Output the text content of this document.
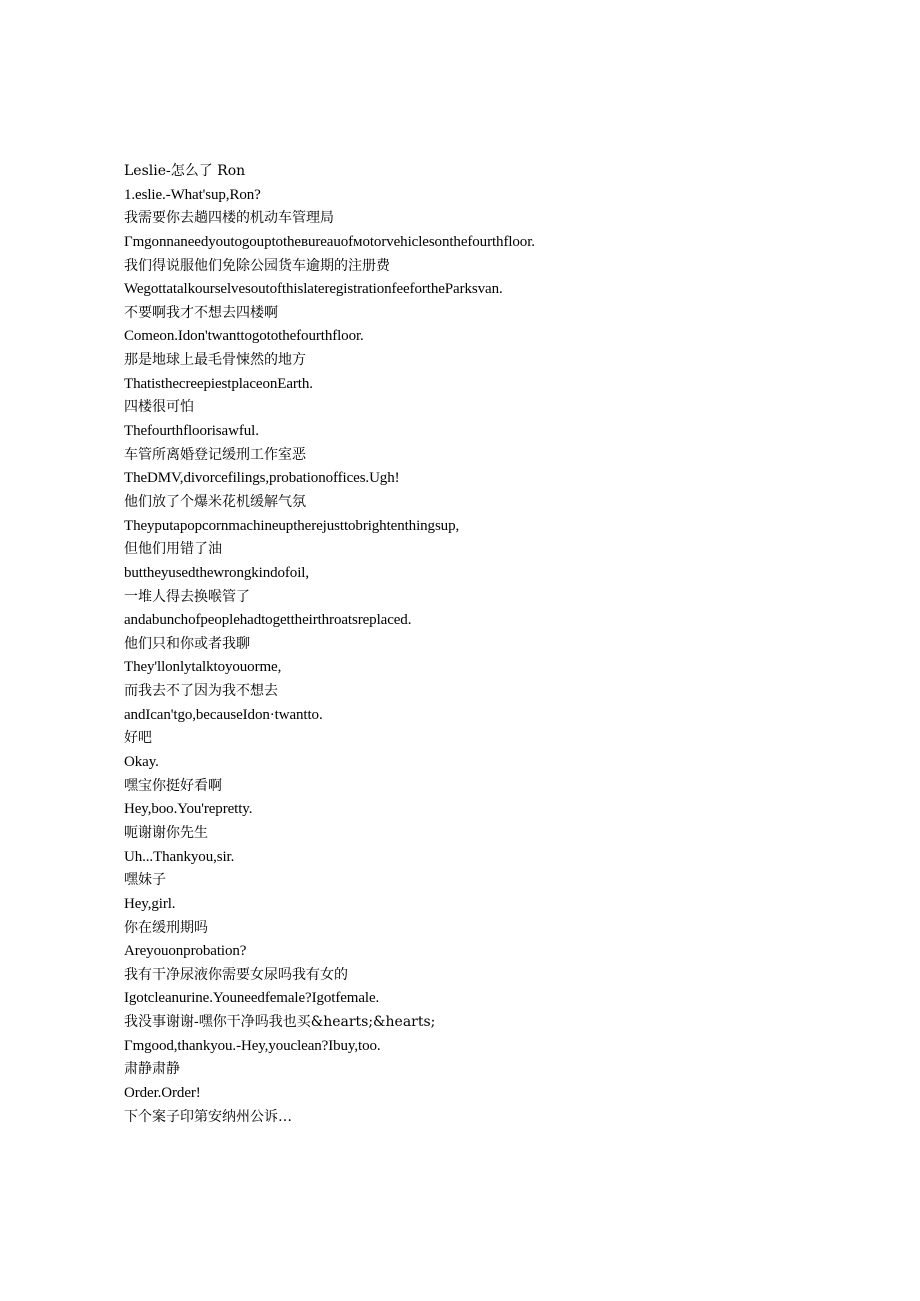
Leslie-怎么了 Ron
1.eslie.-What'sup,Ron?
我需要你去趟四楼的机动车管理局
Γmgonnaneedyoutogouptotheвureauofмotorvehiclesonthefourthfloor.
我们得说服他们免除公园货车逾期的注册费
WegottatalkourselvesoutofthislateregistrationfeefortheParksvan.
不要啊我才不想去四楼啊
Comeon.Idon'twanttogotothefourthfloor.
那是地球上最毛骨悚然的地方
ThatisthecreepiestplaceonEarth.
四楼很可怕
Thefourthfloorisawful.
车管所离婚登记缓刑工作室恶
TheDMV,divorcefilings,probationoffices.Ugh!
他们放了个爆米花机缓解气氛
Theyputapopcornmachineuptherejusttobrightenthingsup,
但他们用错了油
buttheyusedthewrongkindofoil,
一堆人得去换喉管了
andabunchofpeoplehadtogettheirthroatsreplaced.
他们只和你或者我聊
They'llonlytalktoyouorme,
而我去不了因为我不想去
andIcan'tgo,becauseIdon·twantto.
好吧
Okay.
嘿宝你挺好看啊
Hey,boo.You'repretty.
呃谢谢你先生
Uh...Thankyou,sir.
嘿妹子
Hey,girl.
你在缓刑期吗
Areyouonprobation?
我有干净尿液你需要女尿吗我有女的
Igotcleanurine.Youneedfemale?Igotfemale.
我没事谢谢-嘿你干净吗我也买&hearts;&hearts;
Γmgood,thankyou.-Hey,youclean?Ibuy,too.
肃静肃静
Order.Order!
下个案子印第安纳州公诉…
